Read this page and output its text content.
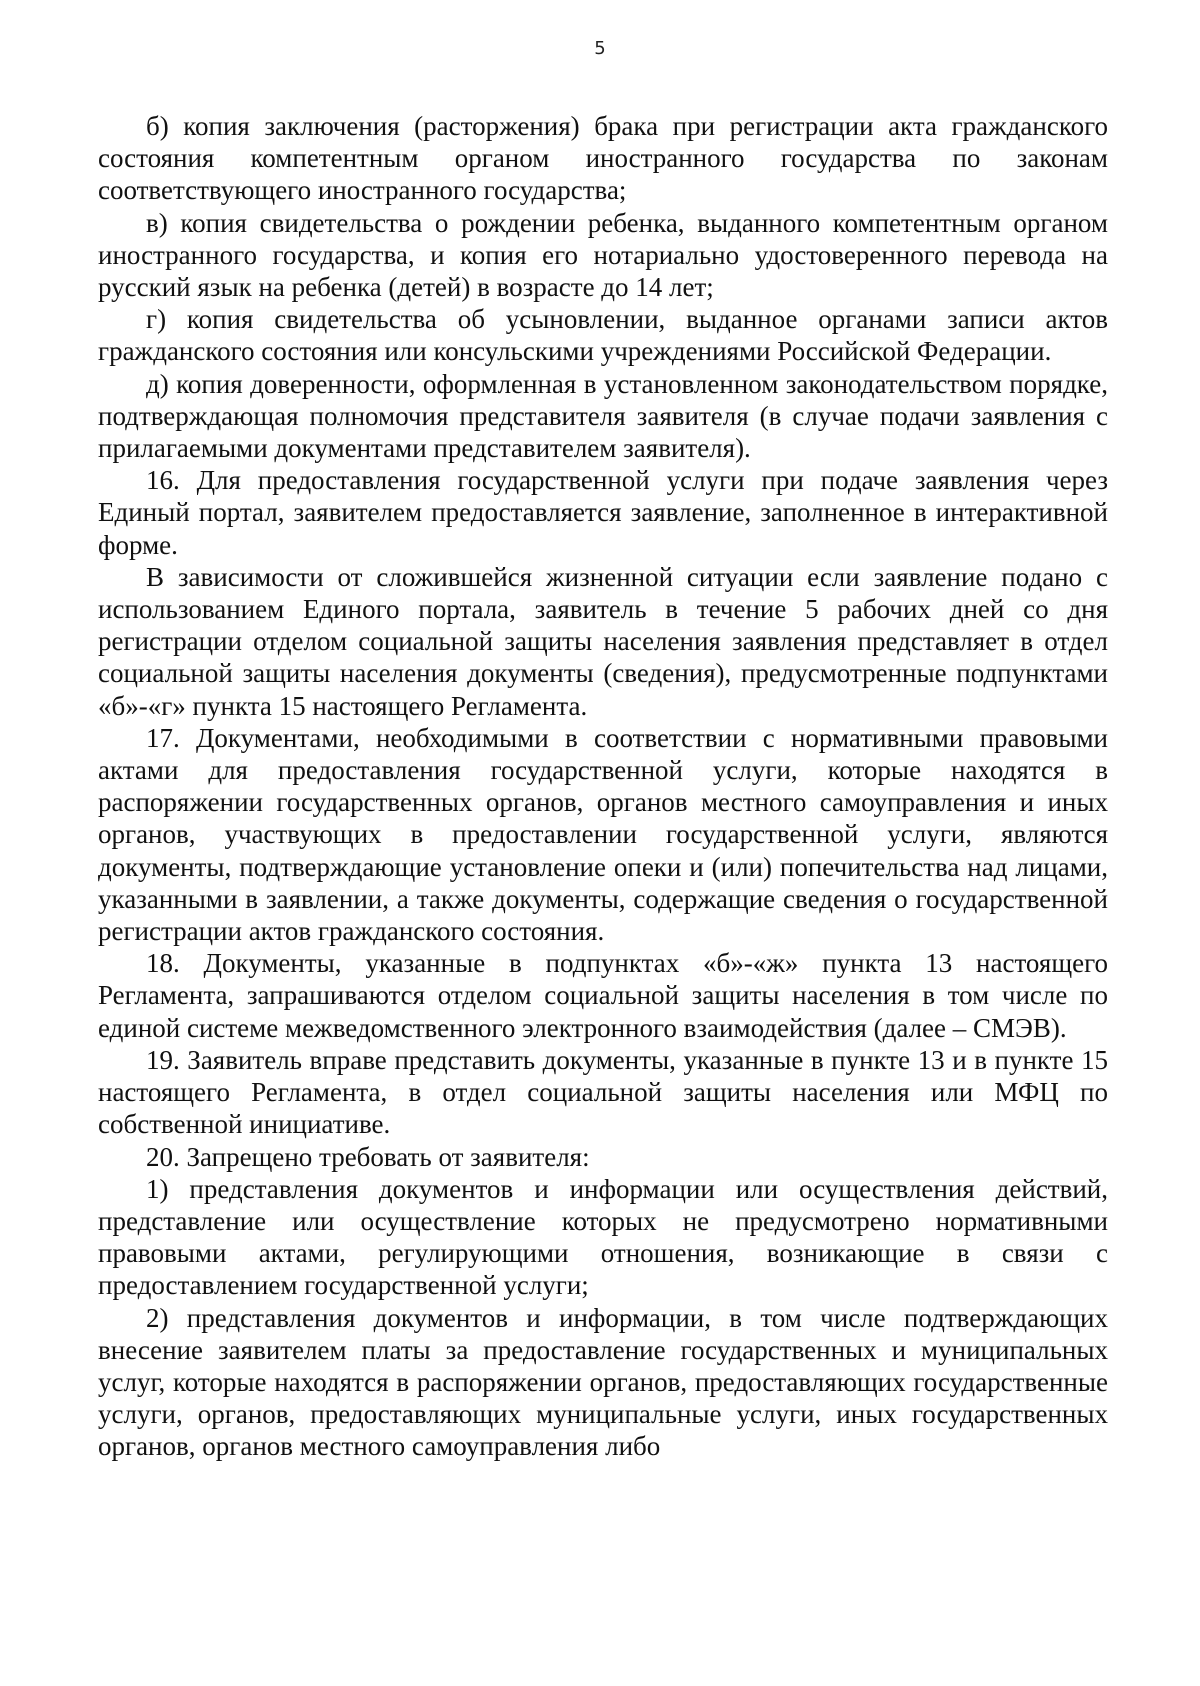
5

б) копия заключения (расторжения) брака при регистрации акта гражданского состояния компетентным органом иностранного государства по законам соответствующего иностранного государства;

в) копия свидетельства о рождении ребенка, выданного компетентным органом иностранного государства, и копия его нотариально удостоверенного перевода на русский язык на ребенка (детей) в возрасте до 14 лет;

г) копия свидетельства об усыновлении, выданное органами записи актов гражданского состояния или консульскими учреждениями Российской Федерации.

д) копия доверенности, оформленная в установленном законодательством порядке, подтверждающая полномочия представителя заявителя (в случае подачи заявления с прилагаемыми документами представителем заявителя).

16. Для предоставления государственной услуги при подаче заявления через Единый портал, заявителем предоставляется заявление, заполненное в интерактивной форме.

В зависимости от сложившейся жизненной ситуации если заявление подано с использованием Единого портала, заявитель в течение 5 рабочих дней со дня регистрации отделом социальной защиты населения заявления представляет в отдел социальной защиты населения документы (сведения), предусмотренные подпунктами «б»-«г» пункта 15 настоящего Регламента.

17. Документами, необходимыми в соответствии с нормативными правовыми актами для предоставления государственной услуги, которые находятся в распоряжении государственных органов, органов местного самоуправления и иных органов, участвующих в предоставлении государственной услуги, являются документы, подтверждающие установление опеки и (или) попечительства над лицами, указанными в заявлении, а также документы, содержащие сведения о государственной регистрации актов гражданского состояния.

18. Документы, указанные в подпунктах «б»-«ж» пункта 13 настоящего Регламента, запрашиваются отделом социальной защиты населения в том числе по единой системе межведомственного электронного взаимодействия (далее – СМЭВ).

19. Заявитель вправе представить документы, указанные в пункте 13 и в пункте 15 настоящего Регламента, в отдел социальной защиты населения или МФЦ по собственной инициативе.

20. Запрещено требовать от заявителя:

1) представления документов и информации или осуществления действий, представление или осуществление которых не предусмотрено нормативными правовыми актами, регулирующими отношения, возникающие в связи с предоставлением государственной услуги;

2) представления документов и информации, в том числе подтверждающих внесение заявителем платы за предоставление государственных и муниципальных услуг, которые находятся в распоряжении органов, предоставляющих государственные услуги, органов, предоставляющих муниципальные услуги, иных государственных органов, органов местного самоуправления либо
